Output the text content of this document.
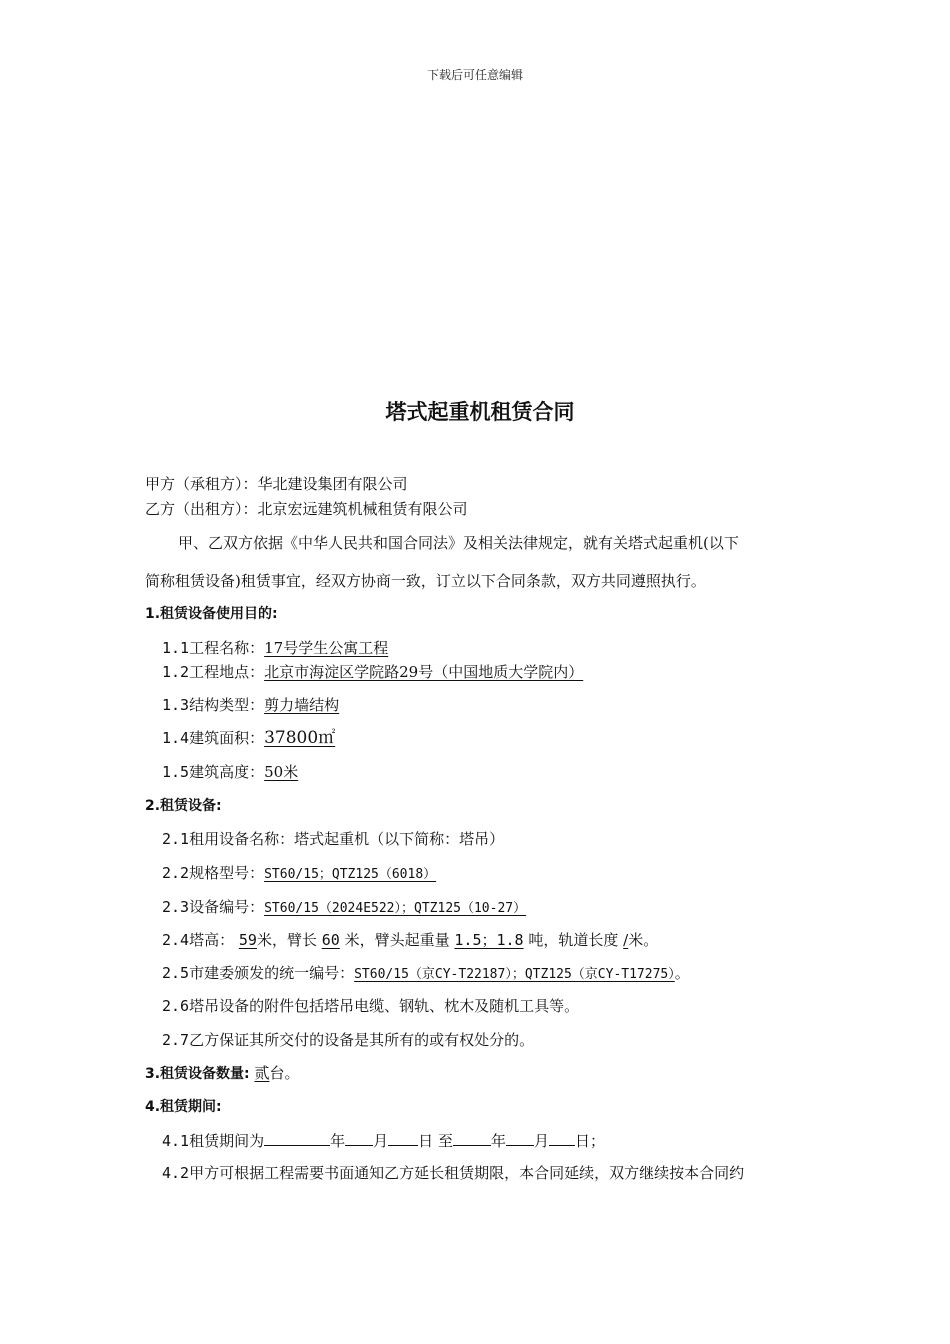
下载后可任意编辑
塔式起重机租赁合同
甲方（承租方）：华北建设集团有限公司
乙方（出租方）：北京宏远建筑机械租赁有限公司
甲、乙双方依据《中华人民共和国合同法》及相关法律规定，就有关塔式起重机(以下
简称租赁设备)租赁事宜，经双方协商一致，订立以下合同条款，双方共同遵照执行。
1.租赁设备使用目的:
1.1工程名称：17号学生公寓工程
1.2工程地点：北京市海淀区学院路29号（中国地质大学院内）
1.3结构类型：剪力墙结构
1.4建筑面积：37800㎡
1.5建筑高度：50米
2.租赁设备:
2.1租用设备名称：塔式起重机（以下简称：塔吊）
2.2规格型号：ST60/15；QTZ125（6018）
2.3设备编号：ST60/15（2024E522）；QTZ125（10-27）
2.4塔高： 59米，臂长 60 米，臂头起重量 1.5；1.8 吨，轨道长度 /米。
2.5市建委颁发的统一编号：ST60/15（京CY-T22187）；QTZ125（京CY-T17275）。
2.6塔吊设备的附件包括塔吊电缆、钢轨、枕木及随机工具等。
2.7乙方保证其所交付的设备是其所有的或有权处分的。
3.租赁设备数量: 贰台。
4.租赁期间:
4.1租赁期间为	年 月 日 至	年 月 日；
4.2甲方可根据工程需要书面通知乙方延长租赁期限，本合同延续，双方继续按本合同约
